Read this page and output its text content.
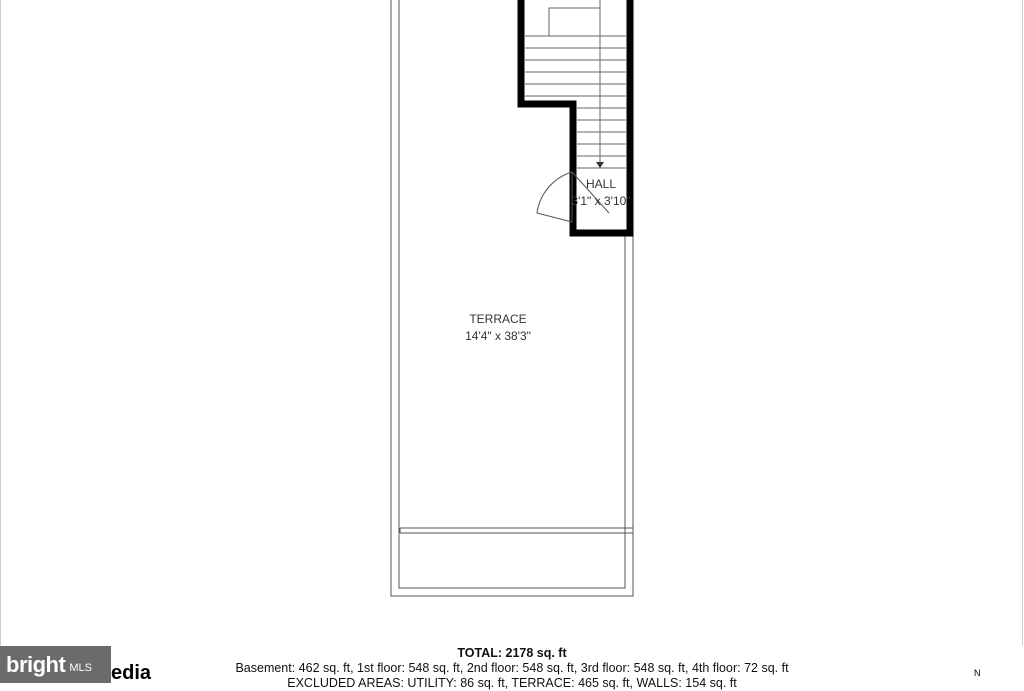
HALL
3'1" x 3'10"
TERRACE
14'4" x 38'3"
TOTAL: 2178 sq. ft
Basement: 462 sq. ft, 1st floor: 548 sq. ft, 2nd floor: 548 sq. ft, 3rd floor: 548 sq. ft, 4th floor: 72 sq. ft
EXCLUDED AREAS: UTILITY: 86 sq. ft, TERRACE: 465 sq. ft, WALLS: 154 sq. ft
bright MLS edia	N
